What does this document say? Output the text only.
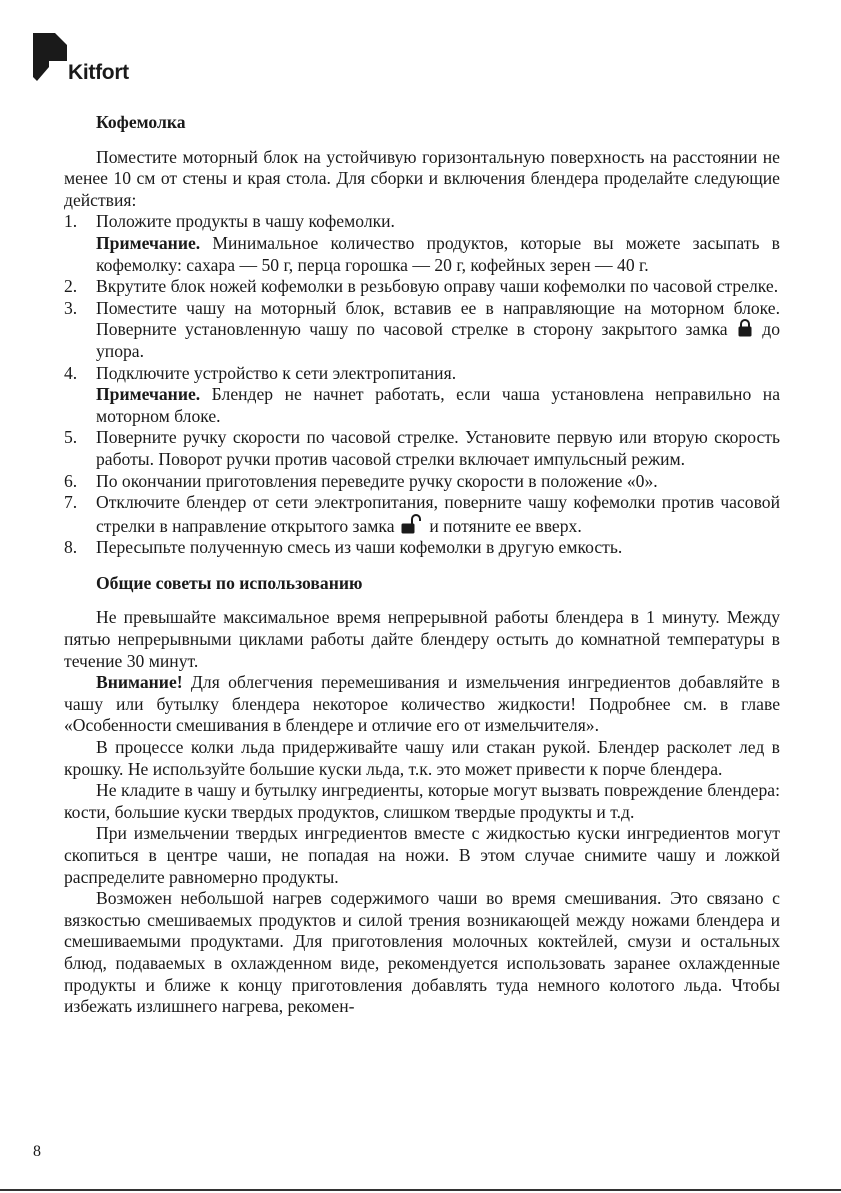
Kitfort
Кофемолка

Поместите моторный блок на устойчивую горизонтальную поверхность на расстоянии не менее 10 см от стены и края стола. Для сборки и включения блендера проделайте следующие действия:

1. Положите продукты в чашу кофемолки.
Примечание. Минимальное количество продуктов, которые вы можете засыпать в кофемолку: сахара — 50 г, перца горошка — 20 г, кофейных зерен — 40 г.
2. Вкрутите блок ножей кофемолки в резьбовую оправу чаши кофемолки по часовой стрелке.
3. Поместите чашу на моторный блок, вставив ее в направляющие на моторном блоке. Поверните установленную чашу по часовой стрелке в сторону закрытого замка до упора.
4. Подключите устройство к сети электропитания.
Примечание. Блендер не начнет работать, если чаша установлена неправильно на моторном блоке.
5. Поверните ручку скорости по часовой стрелке. Установите первую или вторую скорость работы. Поворот ручки против часовой стрелки включает импульсный режим.
6. По окончании приготовления переведите ручку скорости в положение «0».
7. Отключите блендер от сети электропитания, поверните чашу кофемолки против часовой стрелки в направление открытого замка и потяните ее вверх.
8. Пересыпьте полученную смесь из чаши кофемолки в другую емкость.
Общие советы по использованию

Не превышайте максимальное время непрерывной работы блендера в 1 минуту. Между пятью непрерывными циклами работы дайте блендеру остыть до комнатной температуры в течение 30 минут.

Внимание! Для облегчения перемешивания и измельчения ингредиентов добавляйте в чашу или бутылку блендера некоторое количество жидкости! Подробнее см. в главе «Особенности смешивания в блендере и отличие его от измельчителя».

В процессе колки льда придерживайте чашу или стакан рукой. Блендер расколет лед в крошку. Не используйте большие куски льда, т.к. это может привести к порче блендера.

Не кладите в чашу и бутылку ингредиенты, которые могут вызвать повреждение блендера: кости, большие куски твердых продуктов, слишком твердые продукты и т.д.

При измельчении твердых ингредиентов вместе с жидкостью куски ингредиентов могут скопиться в центре чаши, не попадая на ножи. В этом случае снимите чашу и ложкой распределите равномерно продукты.

Возможен небольшой нагрев содержимого чаши во время смешивания. Это связано с вязкостью смешиваемых продуктов и силой трения возникающей между ножами блендера и смешиваемыми продуктами. Для приготовления молочных коктейлей, смузи и остальных блюд, подаваемых в охлажденном виде, рекомендуется использовать заранее охлажденные продукты и ближе к концу приготовления добавлять туда немного колотого льда. Чтобы избежать излишнего нагрева, рекомен-

8
